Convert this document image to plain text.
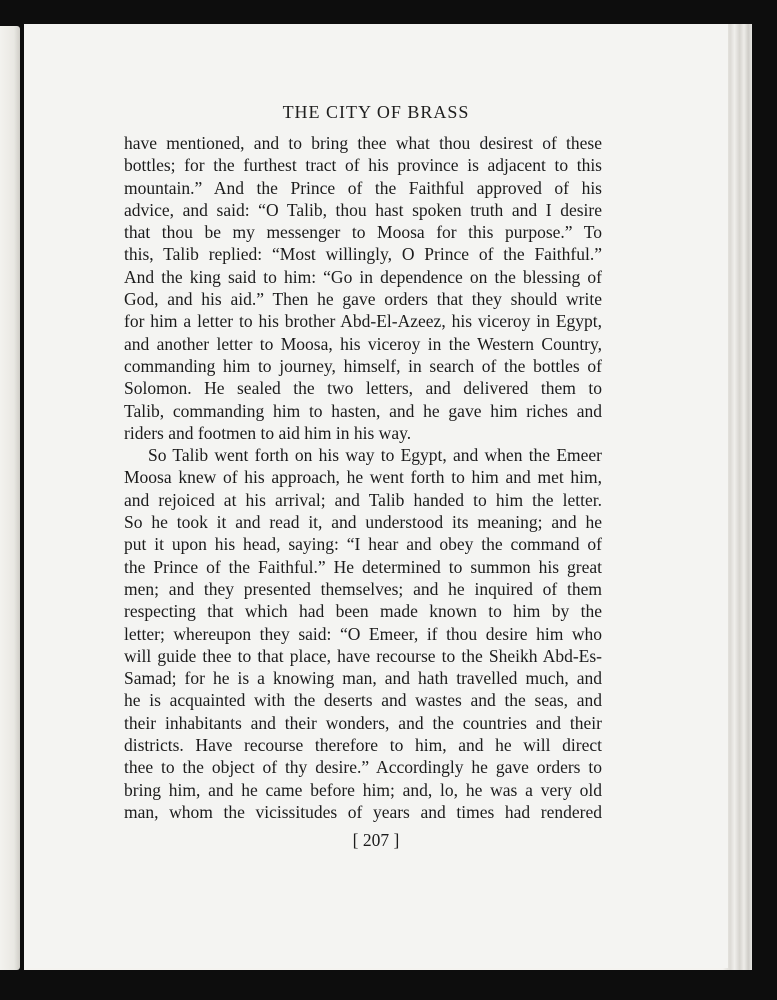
THE CITY OF BRASS
have mentioned, and to bring thee what thou desirest of these
bottles; for the furthest tract of his province is adjacent to this
mountain.” And the Prince of the Faithful approved of his
advice, and said: “O Talib, thou hast spoken truth and I desire
that thou be my messenger to Moosa for this purpose.” To
this, Talib replied: “Most willingly, O Prince of the Faithful.”
And the king said to him: “Go in dependence on the blessing of
God, and his aid.” Then he gave orders that they should write
for him a letter to his brother Abd-El-Azeez, his viceroy in Egypt,
and another letter to Moosa, his viceroy in the Western Country,
commanding him to journey, himself, in search of the bottles of
Solomon. He sealed the two letters, and delivered them to
Talib, commanding him to hasten, and he gave him riches and
riders and footmen to aid him in his way.
So Talib went forth on his way to Egypt, and when the Emeer
Moosa knew of his approach, he went forth to him and met him,
and rejoiced at his arrival; and Talib handed to him the letter.
So he took it and read it, and understood its meaning; and he
put it upon his head, saying: “I hear and obey the command of
the Prince of the Faithful.” He determined to summon his great
men; and they presented themselves; and he inquired of them
respecting that which had been made known to him by the
letter; whereupon they said: “O Emeer, if thou desire him who
will guide thee to that place, have recourse to the Sheikh Abd-Es-
Samad; for he is a knowing man, and hath travelled much, and
he is acquainted with the deserts and wastes and the seas, and
their inhabitants and their wonders, and the countries and their
districts. Have recourse therefore to him, and he will direct
thee to the object of thy desire.” Accordingly he gave orders to
bring him, and he came before him; and, lo, he was a very old
man, whom the vicissitudes of years and times had rendered
[ 207 ]
